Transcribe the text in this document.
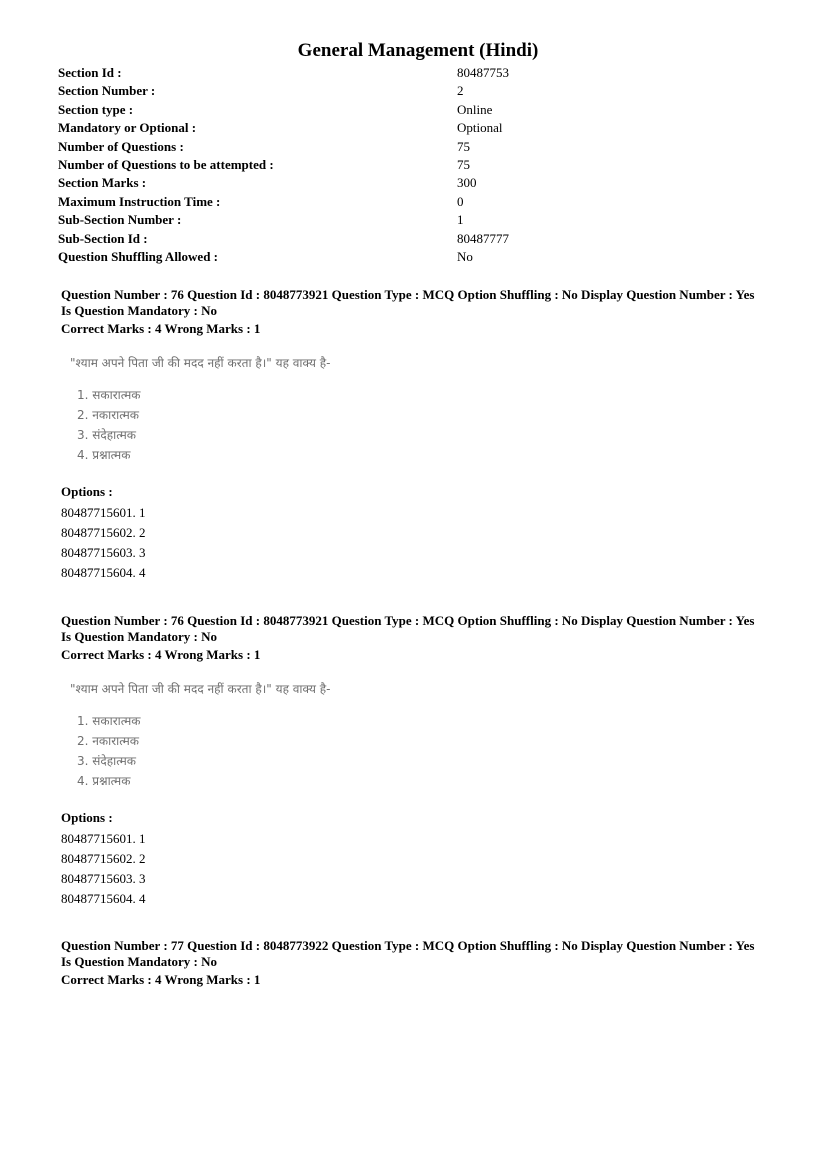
General Management (Hindi)
Section Id :	80487753
Section Number :	2
Section type :	Online
Mandatory or Optional :	Optional
Number of Questions :	75
Number of Questions to be attempted :	75
Section Marks :	300
Maximum Instruction Time :	0
Sub-Section Number :	1
Sub-Section Id :	80487777
Question Shuffling Allowed :	No
Question Number : 76 Question Id : 8048773921 Question Type : MCQ Option Shuffling : No Display Question Number : Yes
Is Question Mandatory : No
Correct Marks : 4 Wrong Marks : 1
"श्याम अपने पिता जी की मदद नहीं करता है।" यह वाक्य है-
1. सकारात्मक
2. नकारात्मक
3. संदेहात्मक
4. प्रश्नात्मक
Options :
80487715601. 1
80487715602. 2
80487715603. 3
80487715604. 4
Question Number : 76 Question Id : 8048773921 Question Type : MCQ Option Shuffling : No Display Question Number : Yes
Is Question Mandatory : No
Correct Marks : 4 Wrong Marks : 1
"श्याम अपने पिता जी की मदद नहीं करता है।" यह वाक्य है-
1. सकारात्मक
2. नकारात्मक
3. संदेहात्मक
4. प्रश्नात्मक
Options :
80487715601. 1
80487715602. 2
80487715603. 3
80487715604. 4
Question Number : 77 Question Id : 8048773922 Question Type : MCQ Option Shuffling : No Display Question Number : Yes
Is Question Mandatory : No
Correct Marks : 4 Wrong Marks : 1
